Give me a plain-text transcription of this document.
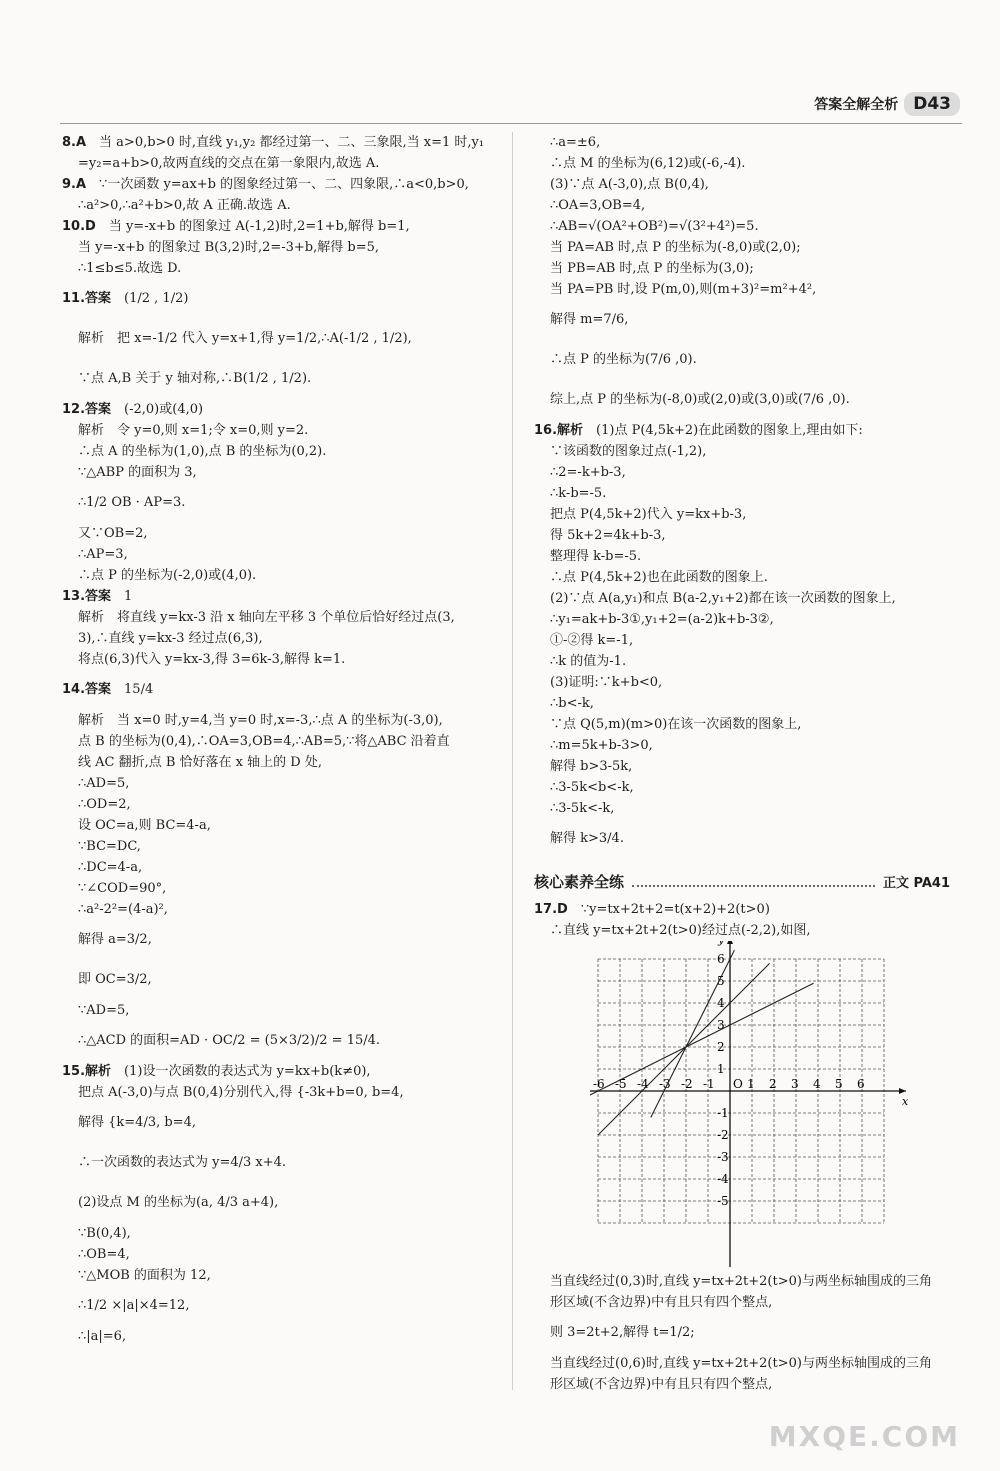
答案全解全析 D43
8.A　当 a>0,b>0 时,直线 y₁,y₂ 都经过第一、二、三象限,当 x=1 时,y₁
=y₂=a+b>0,故两直线的交点在第一象限内,故选 A.
9.A　∵一次函数 y=ax+b 的图象经过第一、二、四象限,∴a<0,b>0,
∴a²>0,∴a²+b>0,故 A 正确.故选 A.
10.D　当 y=-x+b 的图象过 A(-1,2)时,2=1+b,解得 b=1,
当 y=-x+b 的图象过 B(3,2)时,2=-3+b,解得 b=5,
∴1≤b≤5.故选 D.
11.答案　(1/2 , 1/2)
解析　把 x=-1/2 代入 y=x+1,得 y=1/2,∴A(-1/2 , 1/2),
∵点 A,B 关于 y 轴对称,∴B(1/2 , 1/2).
12.答案　(-2,0)或(4,0)
解析　令 y=0,则 x=1;令 x=0,则 y=2.
∴点 A 的坐标为(1,0),点 B 的坐标为(0,2).
∵△ABP 的面积为 3,
∴1/2 OB · AP=3.
又∵OB=2,
∴AP=3,
∴点 P 的坐标为(-2,0)或(4,0).
13.答案　1
解析　将直线 y=kx-3 沿 x 轴向左平移 3 个单位后恰好经过点(3,
3),∴直线 y=kx-3 经过点(6,3),
将点(6,3)代入 y=kx-3,得 3=6k-3,解得 k=1.
14.答案　15/4
解析　当 x=0 时,y=4,当 y=0 时,x=-3,∴点 A 的坐标为(-3,0),
点 B 的坐标为(0,4),∴OA=3,OB=4,∴AB=5,∵将△ABC 沿着直
线 AC 翻折,点 B 恰好落在 x 轴上的 D 处,
∴AD=5,
∴OD=2,
设 OC=a,则 BC=4-a,
∵BC=DC,
∴DC=4-a,
∵∠COD=90°,
∴a²-2²=(4-a)²,
解得 a=3/2,
即 OC=3/2,
∵AD=5,
∴△ACD 的面积=AD · OC/2 = (5×3/2)/2 = 15/4.
15.解析　(1)设一次函数的表达式为 y=kx+b(k≠0),
把点 A(-3,0)与点 B(0,4)分别代入,得 {-3k+b=0, b=4,
解得 {k=4/3, b=4,
∴一次函数的表达式为 y=4/3 x+4.
(2)设点 M 的坐标为(a, 4/3 a+4),
∵B(0,4),
∴OB=4,
∵△MOB 的面积为 12,
∴1/2 ×|a|×4=12,
∴|a|=6,
∴a=±6,
∴点 M 的坐标为(6,12)或(-6,-4).
(3)∵点 A(-3,0),点 B(0,4),
∴OA=3,OB=4,
∴AB=√(OA²+OB²)=√(3²+4²)=5.
当 PA=AB 时,点 P 的坐标为(-8,0)或(2,0);
当 PB=AB 时,点 P 的坐标为(3,0);
当 PA=PB 时,设 P(m,0),则(m+3)²=m²+4²,
解得 m=7/6,
∴点 P 的坐标为(7/6 ,0).
综上,点 P 的坐标为(-8,0)或(2,0)或(3,0)或(7/6 ,0).
16.解析　(1)点 P(4,5k+2)在此函数的图象上,理由如下:
∵该函数的图象过点(-1,2),
∴2=-k+b-3,
∴k-b=-5.
把点 P(4,5k+2)代入 y=kx+b-3,
得 5k+2=4k+b-3,
整理得 k-b=-5.
∴点 P(4,5k+2)也在此函数的图象上.
(2)∵点 A(a,y₁)和点 B(a-2,y₁+2)都在该一次函数的图象上,
∴y₁=ak+b-3①,y₁+2=(a-2)k+b-3②,
①-②得 k=-1,
∴k 的值为-1.
(3)证明:∵k+b<0,
∴b<-k,
∵点 Q(5,m)(m>0)在该一次函数的图象上,
∴m=5k+b-3>0,
解得 b>3-5k,
∴3-5k<b<-k,
∴3-5k<-k,
解得 k>3/4.
核心素养全练	正文 PA41
17.D　∵y=tx+2t+2=t(x+2)+2(t>0)
∴直线 y=tx+2t+2(t>0)经过点(-2,2),如图,
x
O
-6 -5 -4 -3 -2 -1	1 2 3 4 5 6
6
5
4
3
2
1
-1
-2
-3
-4
-5
当直线经过(0,3)时,直线 y=tx+2t+2(t>0)与两坐标轴围成的三角
形区域(不含边界)中有且只有四个整点,
则 3=2t+2,解得 t=1/2;
当直线经过(0,6)时,直线 y=tx+2t+2(t>0)与两坐标轴围成的三角
形区域(不含边界)中有且只有四个整点,
MXQE.COM
